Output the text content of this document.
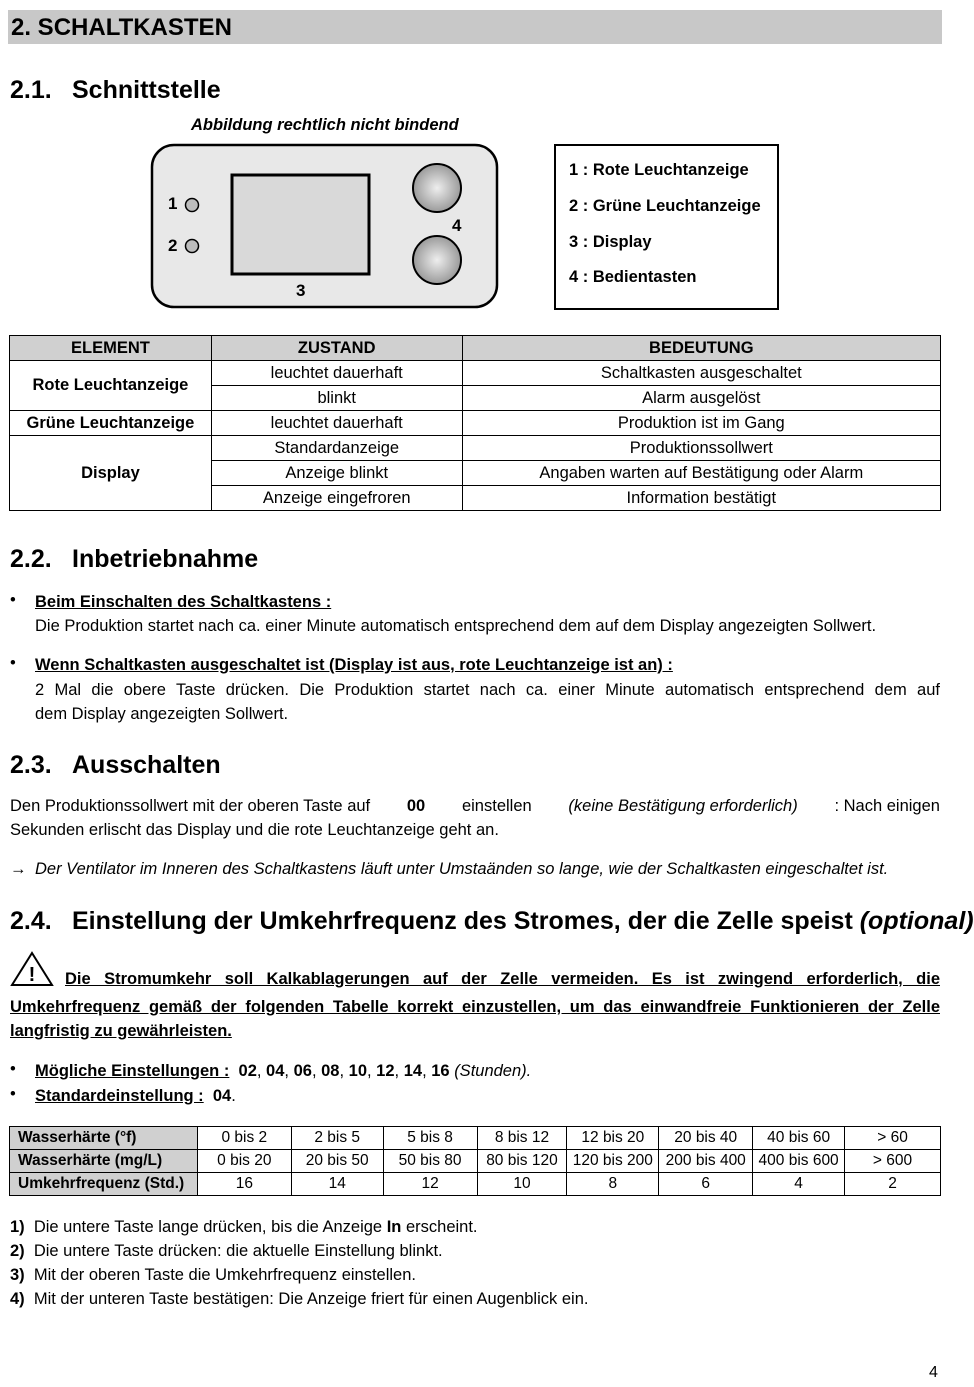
2. SCHALTKASTEN
2.1. Schnittstelle
Abbildung rechtlich nicht bindend
1
2
3
4
1 : Rote Leuchtanzeige
2 : Grüne Leuchtanzeige
3 : Display
4 : Bedientasten
ELEMENT	ZUSTAND	BEDEUTUNG
Rote Leuchtanzeige	leuchtet dauerhaft	Schaltkasten ausgeschaltet
	blinkt	Alarm ausgelöst
Grüne Leuchtanzeige	leuchtet dauerhaft	Produktion ist im Gang
Display	Standardanzeige	Produktionssollwert
	Anzeige blinkt	Angaben warten auf Bestätigung oder Alarm
	Anzeige eingefroren	Information bestätigt
2.2. Inbetriebnahme
• Beim Einschalten des Schaltkastens :
Die Produktion startet nach ca. einer Minute automatisch entsprechend dem auf dem Display angezeigten Sollwert.
• Wenn Schaltkasten ausgeschaltet ist (Display ist aus, rote Leuchtanzeige ist an) :
2 Mal die obere Taste drücken. Die Produktion startet nach ca. einer Minute automatisch entsprechend dem auf
dem Display angezeigten Sollwert.
2.3. Ausschalten
Den Produktionssollwert mit der oberen Taste auf 00 einstellen (keine Bestätigung erforderlich) : Nach einigen
Sekunden erlischt das Display und die rote Leuchtanzeige geht an.
→ Der Ventilator im Inneren des Schaltkastens läuft unter Umstaänden so lange, wie der Schaltkasten eingeschaltet ist.
2.4. Einstellung der Umkehrfrequenz des Stromes, der die Zelle speist (optional)
! Die Stromumkehr soll Kalkablagerungen auf der Zelle vermeiden. Es ist zwingend erforderlich, die
Umkehrfrequenz gemäß der folgenden Tabelle korrekt einzustellen, um das einwandfreie Funktionieren der Zelle
langfristig zu gewährleisten.
• Mögliche Einstellungen : 02, 04, 06, 08, 10, 12, 14, 16 (Stunden).
• Standardeinstellung : 04.
Wasserhärte (°f)	0 bis 2	2 bis 5	5 bis 8	8 bis 12	12 bis 20	20 bis 40	40 bis 60	> 60
Wasserhärte (mg/L)	0 bis 20	20 bis 50	50 bis 80	80 bis 120	120 bis 200	200 bis 400	400 bis 600	> 600
Umkehrfrequenz (Std.)	16	14	12	10	8	6	4	2
1) Die untere Taste lange drücken, bis die Anzeige In erscheint.
2) Die untere Taste drücken: die aktuelle Einstellung blinkt.
3) Mit der oberen Taste die Umkehrfrequenz einstellen.
4) Mit der unteren Taste bestätigen: Die Anzeige friert für einen Augenblick ein.
4
